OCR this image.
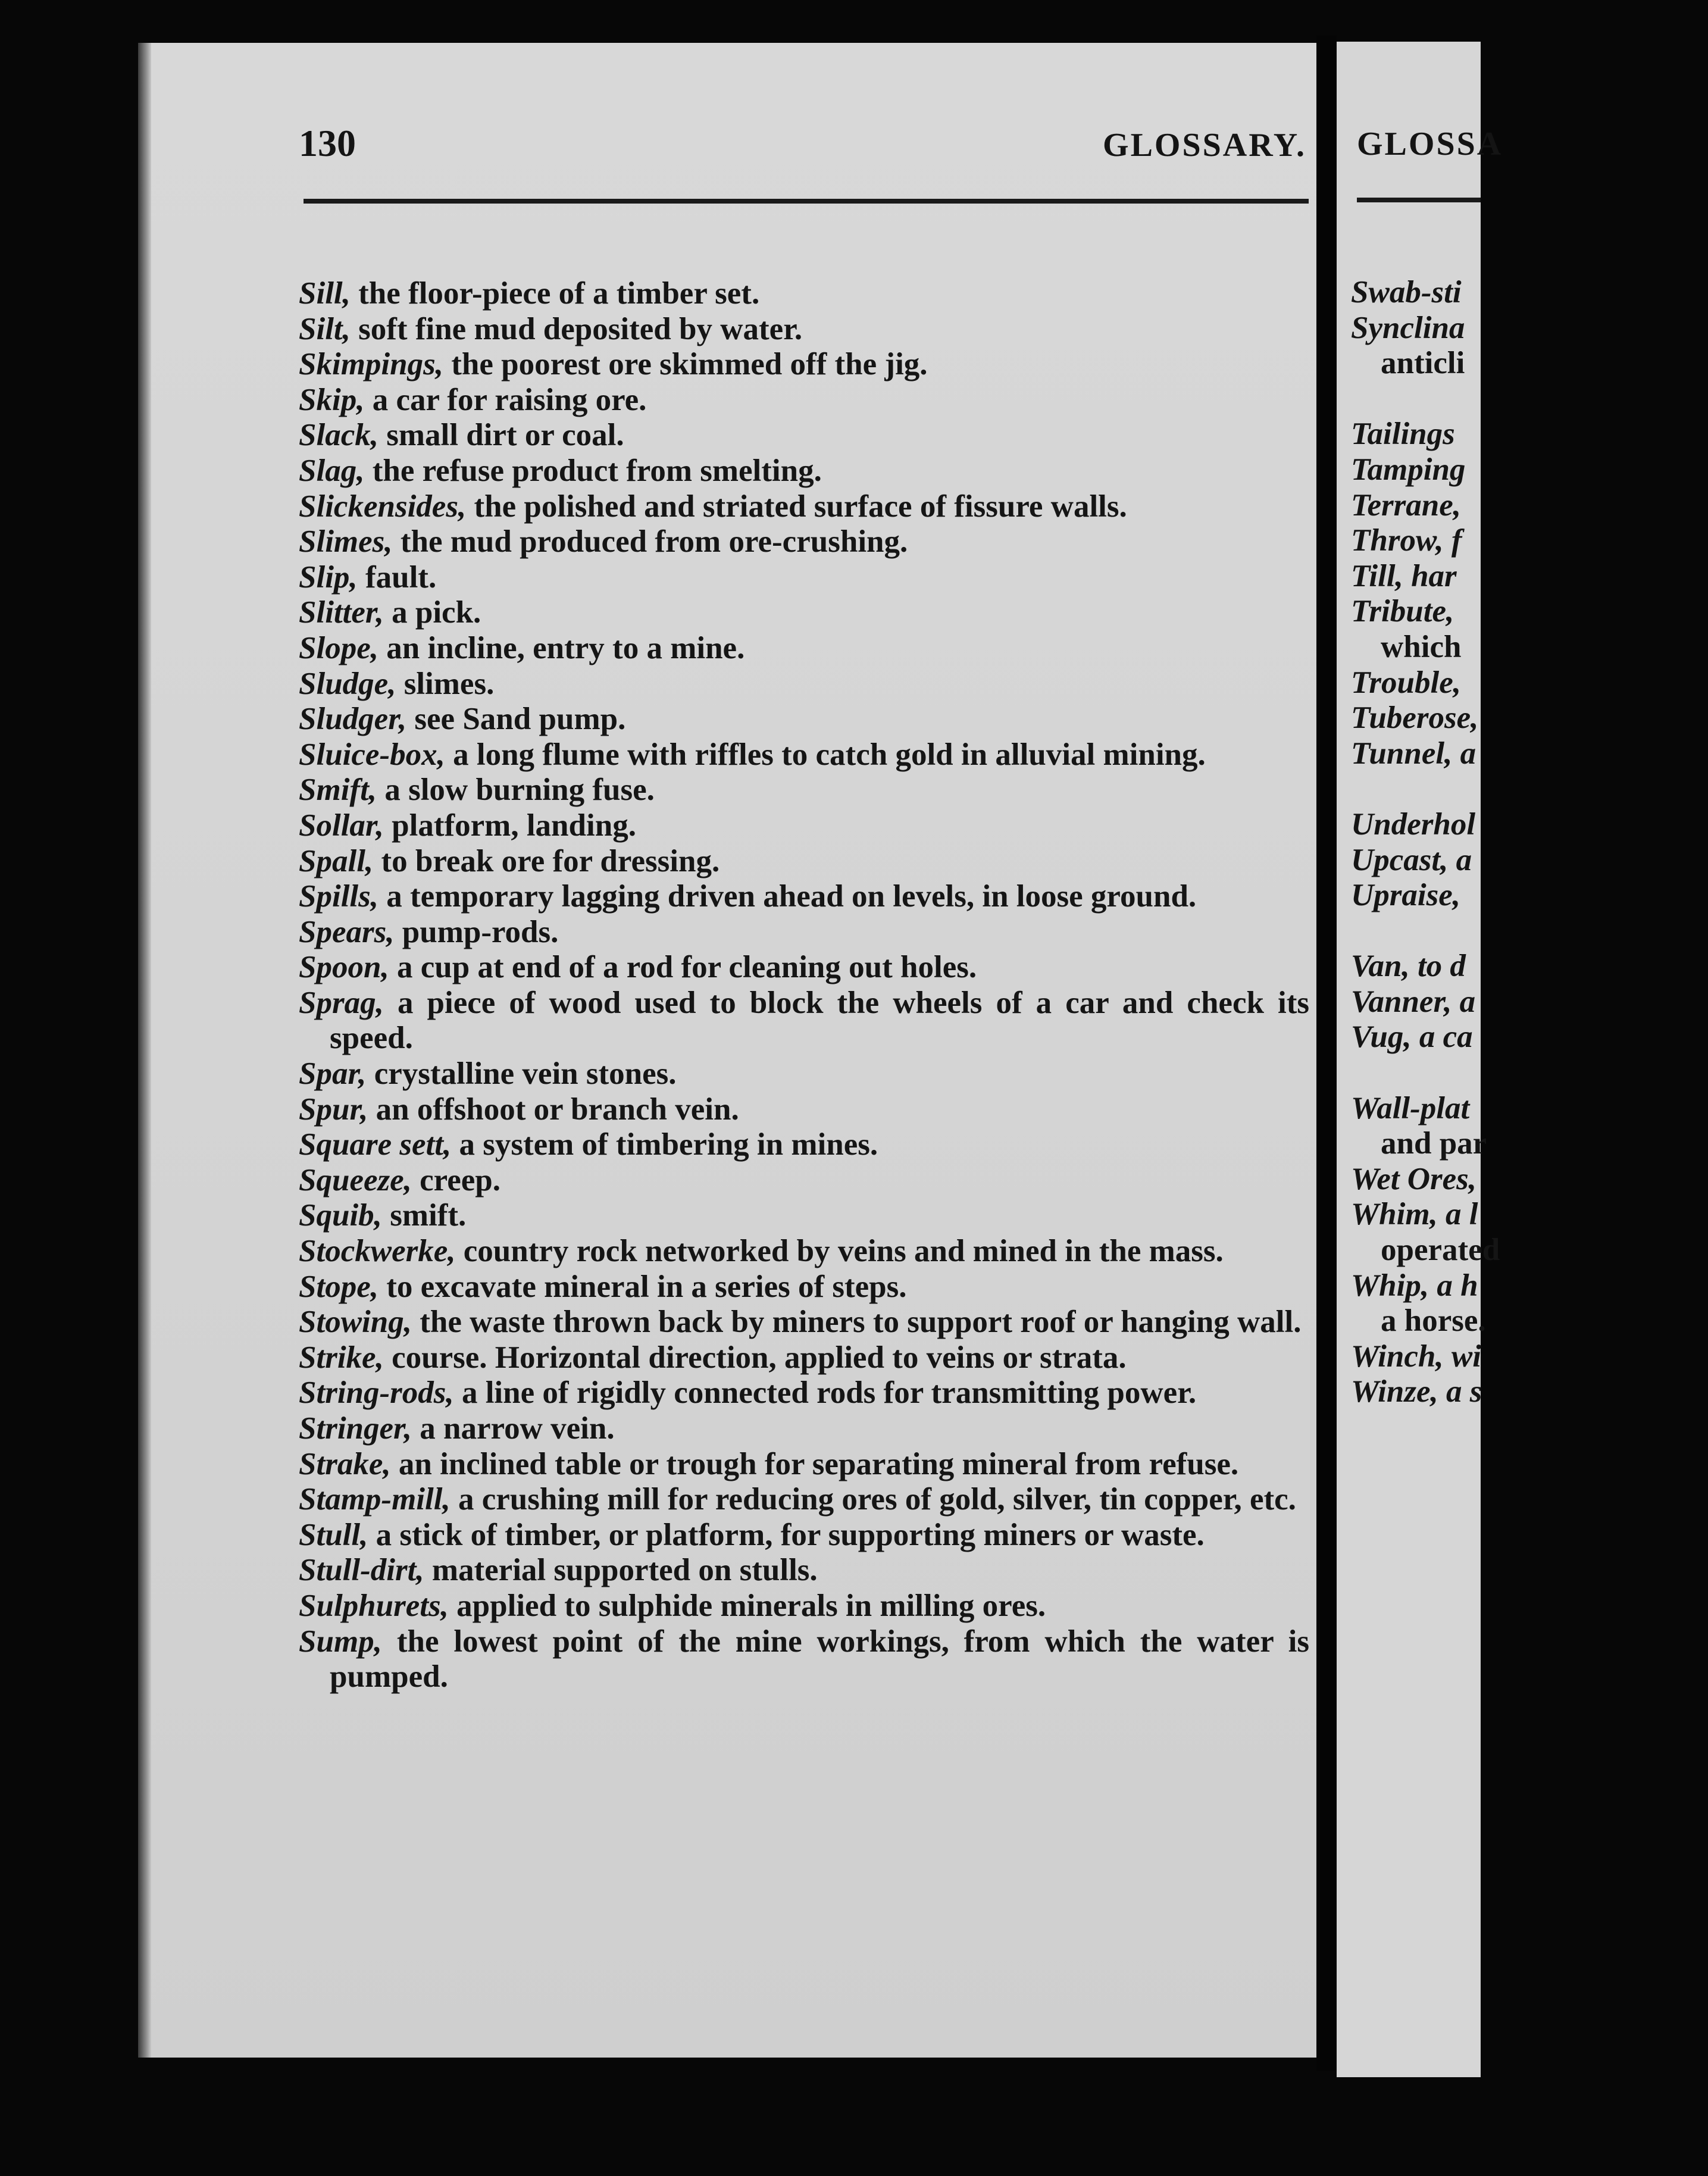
130	GLOSSARY.
Sill, the floor-piece of a timber set.
Silt, soft fine mud deposited by water.
Skimpings, the poorest ore skimmed off the jig.
Skip, a car for raising ore.
Slack, small dirt or coal.
Slag, the refuse product from smelting.
Slickensides, the polished and striated surface of fissure walls.
Slimes, the mud produced from ore-crushing.
Slip, fault.
Slitter, a pick.
Slope, an incline, entry to a mine.
Sludge, slimes.
Sludger, see Sand pump.
Sluice-box, a long flume with riffles to catch gold in alluvial mining.
Smift, a slow burning fuse.
Sollar, platform, landing.
Spall, to break ore for dressing.
Spills, a temporary lagging driven ahead on levels, in loose ground.
Spears, pump-rods.
Spoon, a cup at end of a rod for cleaning out holes.
Sprag, a piece of wood used to block the wheels of a car and check its speed.
Spar, crystalline vein stones.
Spur, an offshoot or branch vein.
Square sett, a system of timbering in mines.
Squeeze, creep.
Squib, smift.
Stockwerke, country rock networked by veins and mined in the mass.
Stope, to excavate mineral in a series of steps.
Stowing, the waste thrown back by miners to support roof or hanging wall.
Strike, course. Horizontal direction, applied to veins or strata.
String-rods, a line of rigidly connected rods for transmitting power.
Stringer, a narrow vein.
Strake, an inclined table or trough for separating mineral from refuse.
Stamp-mill, a crushing mill for reducing ores of gold, silver, tin copper, etc.
Stull, a stick of timber, or platform, for supporting miners or waste.
Stull-dirt, material supported on stulls.
Sulphurets, applied to sulphide minerals in milling ores.
Sump, the lowest point of the mine workings, from which the water is pumped.
GLOSSA
Swab-sti
Synclina
anticli
Tailings
Tamping
Terrane,
Throw, f
Till, har
Tribute,
which
Trouble,
Tuberose,
Tunnel, a
Underhol
Upcast, a
Upraise,
Van, to d
Vanner, a
Vug, a ca
Wall-plat
and par
Wet Ores,
Whim, a l
operated
Whip, a h
a horse.
Winch, wi
Winze, a s
